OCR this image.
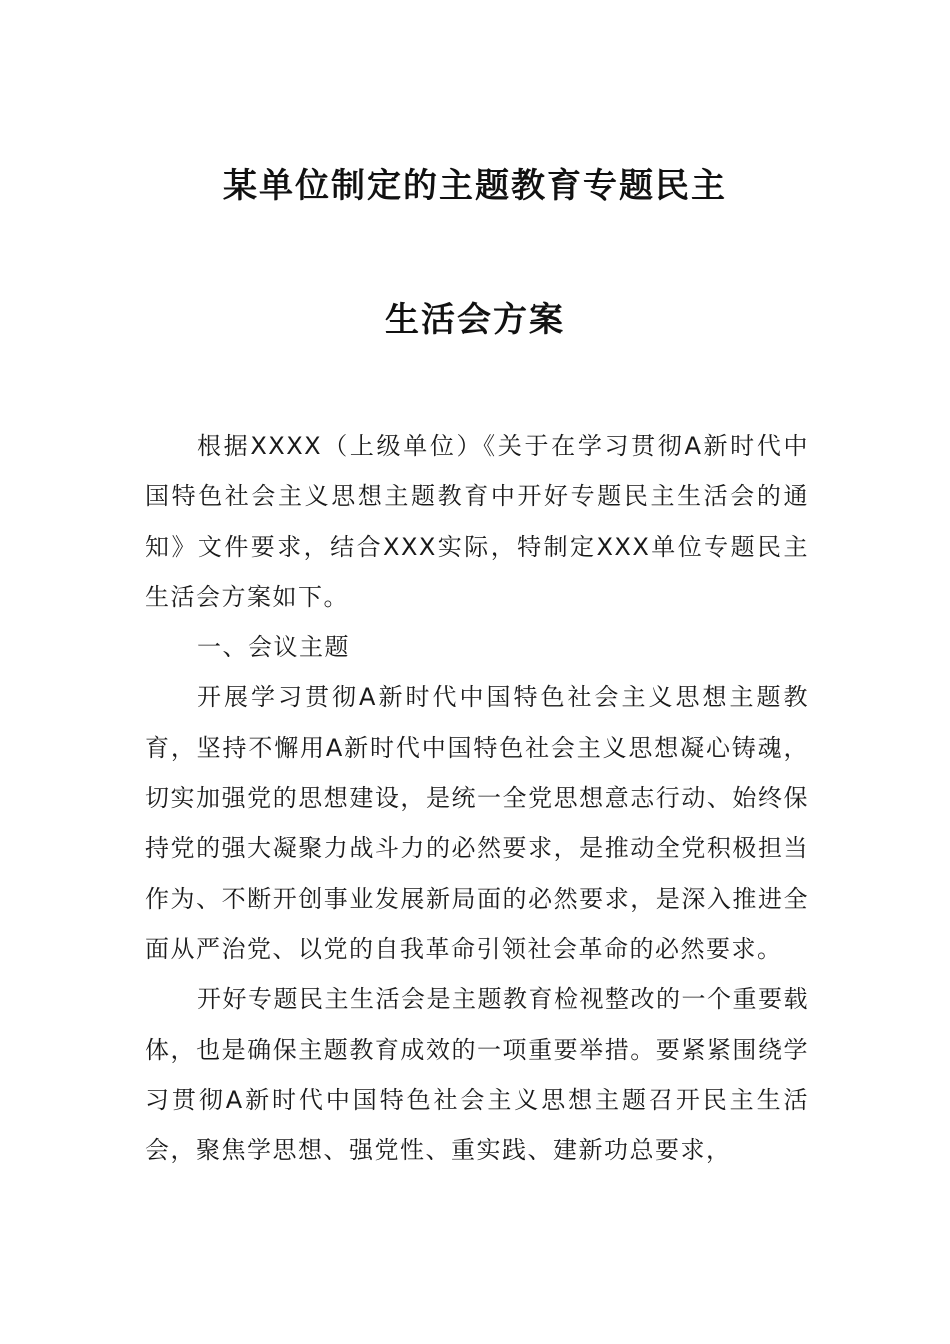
某单位制定的主题教育专题民主
生活会方案

根据XXXX（上级单位）《关于在学习贯彻A新时代中国特色社会主义思想主题教育中开好专题民主生活会的通知》文件要求，结合XXX实际，特制定XXX单位专题民主生活会方案如下。

一、会议主题

开展学习贯彻A新时代中国特色社会主义思想主题教育，坚持不懈用A新时代中国特色社会主义思想凝心铸魂，切实加强党的思想建设，是统一全党思想意志行动、始终保持党的强大凝聚力战斗力的必然要求，是推动全党积极担当作为、不断开创事业发展新局面的必然要求，是深入推进全面从严治党、以党的自我革命引领社会革命的必然要求。

开好专题民主生活会是主题教育检视整改的一个重要载体，也是确保主题教育成效的一项重要举措。要紧紧围绕学习贯彻A新时代中国特色社会主义思想主题召开民主生活会，聚焦学思想、强党性、重实践、建新功总要求，
